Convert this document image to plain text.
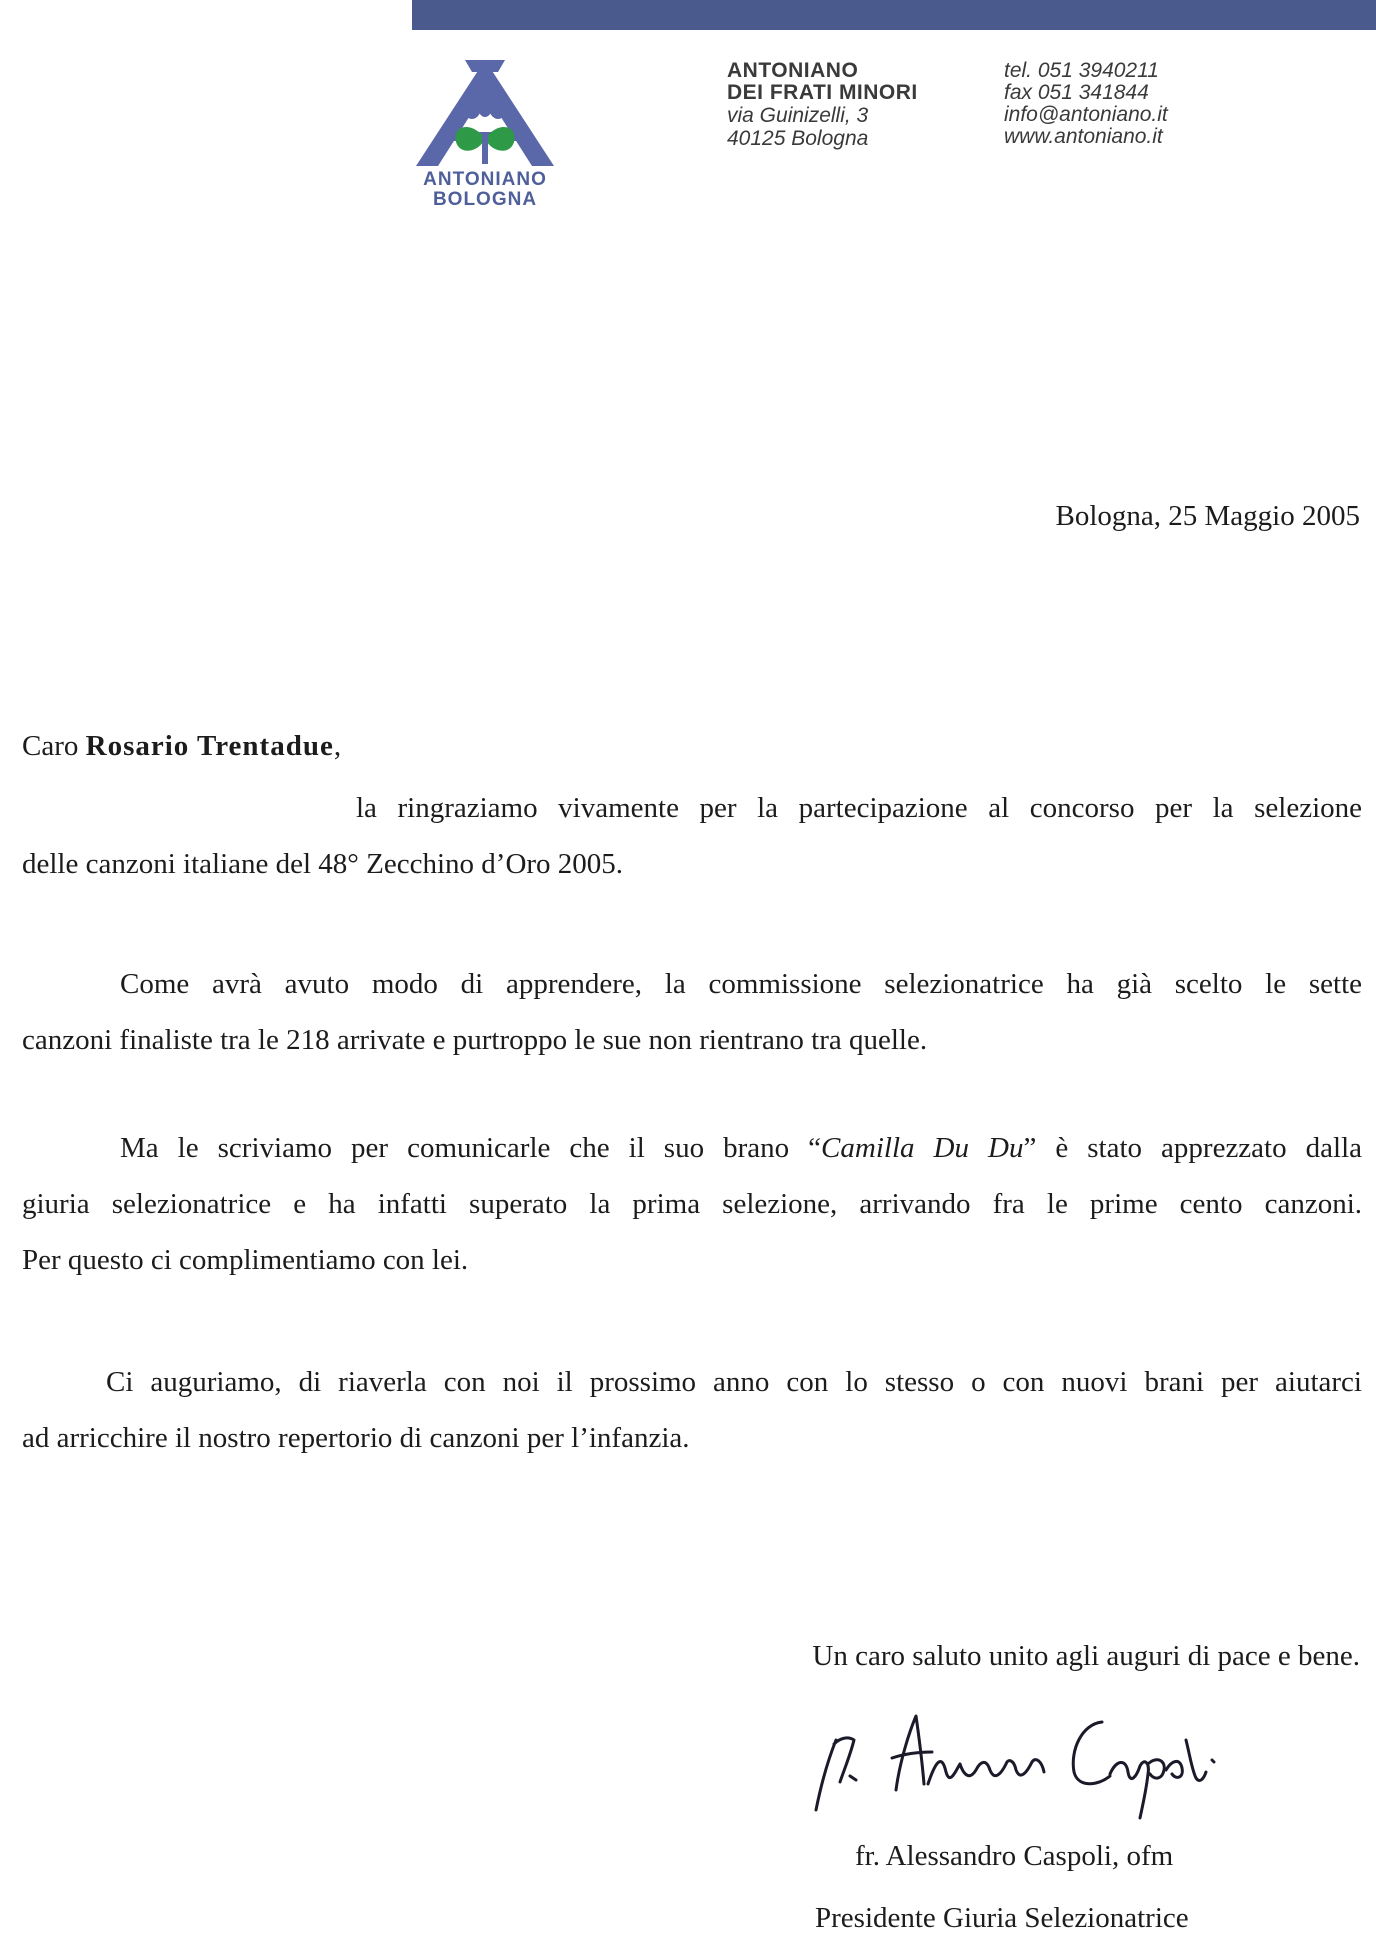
ANTONIANO
BOLOGNA
ANTONIANO
DEI FRATI MINORI
via Guinizelli, 3
40125 Bologna
tel. 051 3940211
fax 051 341844
info@antoniano.it
www.antoniano.it
Bologna, 25 Maggio 2005
Caro Rosario Trentadue,
la ringraziamo vivamente per la partecipazione al concorso per la selezione
delle canzoni italiane del 48° Zecchino d’Oro 2005.
Come avrà avuto modo di apprendere, la commissione selezionatrice ha già scelto le sette
canzoni finaliste tra le 218 arrivate e purtroppo le sue non rientrano tra quelle.
Ma le scriviamo per comunicarle che il suo brano “Camilla Du Du” è stato apprezzato dalla
giuria selezionatrice e ha infatti superato la prima selezione, arrivando fra le prime cento canzoni.
Per questo ci complimentiamo con lei.
Ci auguriamo, di riaverla con noi il prossimo anno con lo stesso o con nuovi brani per aiutarci
ad arricchire il nostro repertorio di canzoni per l’infanzia.
Un caro saluto unito agli auguri di pace e bene.
fr. Alessandro Caspoli, ofm
Presidente Giuria Selezionatrice
